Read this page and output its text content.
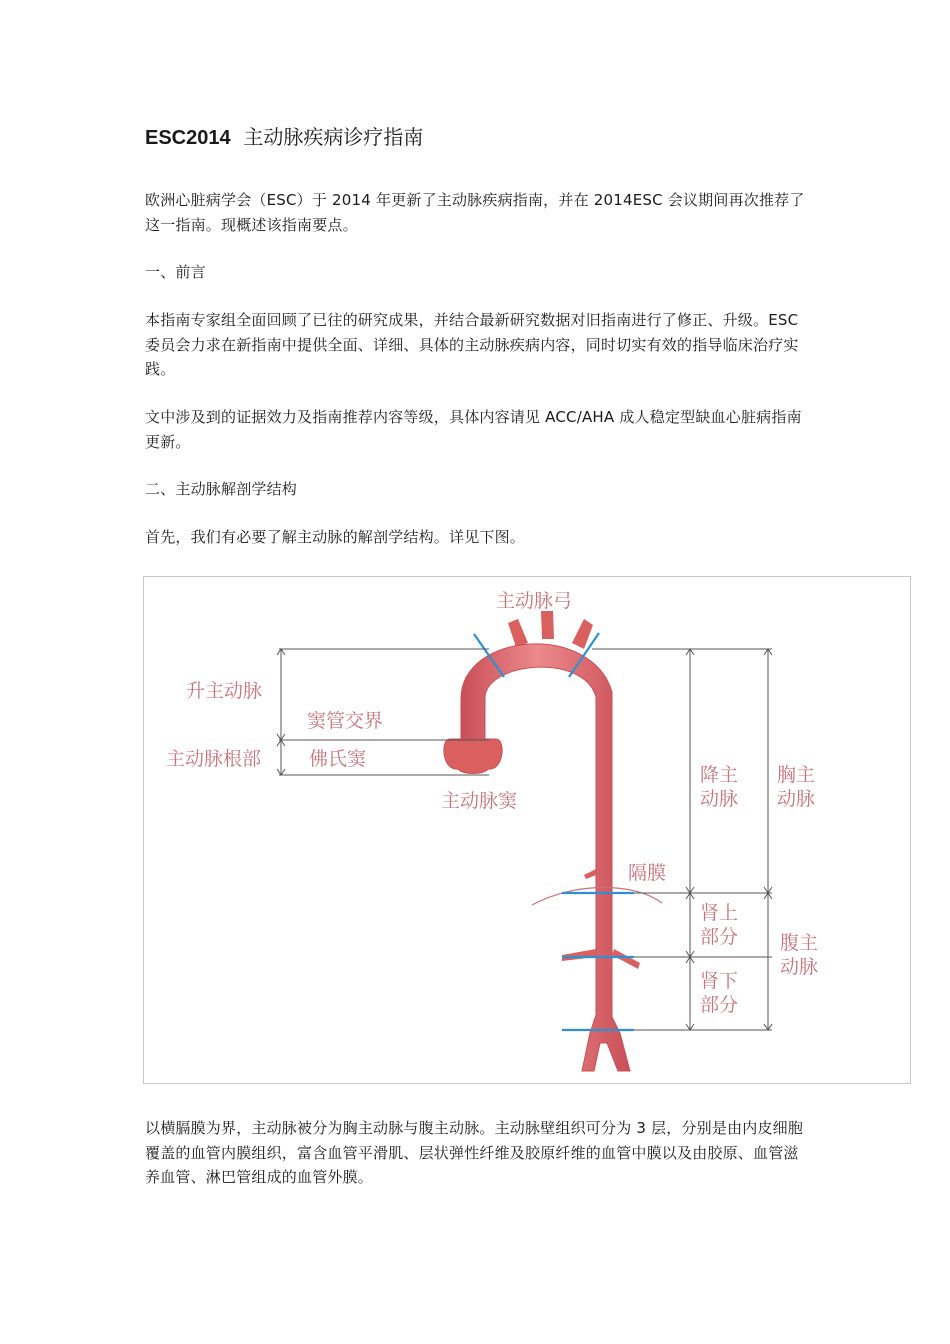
ESC2014 主动脉疾病诊疗指南
欧洲心脏病学会（ESC）于 2014 年更新了主动脉疾病指南，并在 2014ESC 会议期间再次推荐了这一指南。现概述该指南要点。
一、前言
本指南专家组全面回顾了已往的研究成果，并结合最新研究数据对旧指南进行了修正、升级。ESC 委员会力求在新指南中提供全面、详细、具体的主动脉疾病内容，同时切实有效的指导临床治疗实践。
文中涉及到的证据效力及指南推荐内容等级，具体内容请见 ACC/AHA 成人稳定型缺血心脏病指南更新。
二、主动脉解剖学结构
首先，我们有必要了解主动脉的解剖学结构。详见下图。
主动脉弓
升主动脉
窦管交界
主动脉根部	佛氏窦
主动脉窦
rPA
降主
动脉
胸主
动脉
隔膜
肾上
部分 腹主
动脉
肾下
部分
以横膈膜为界，主动脉被分为胸主动脉与腹主动脉。主动脉壁组织可分为 3 层，分别是由内皮细胞覆盖的血管内膜组织，富含血管平滑肌、层状弹性纤维及胶原纤维的血管中膜以及由胶原、血管滋养血管、淋巴管组成的血管外膜。
